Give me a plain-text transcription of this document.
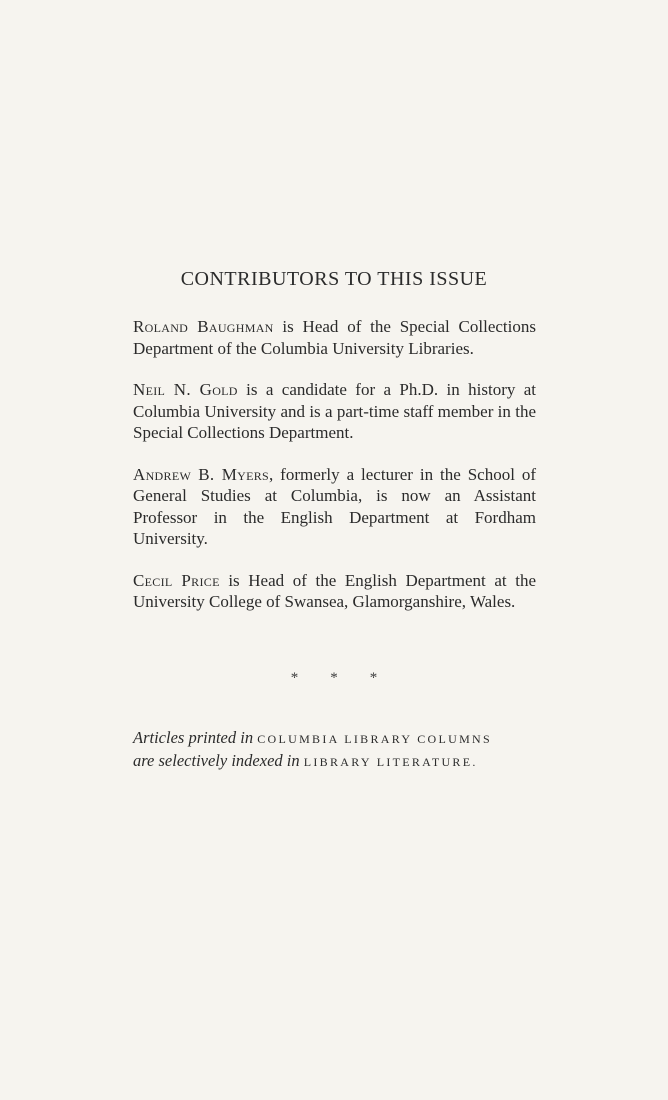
CONTRIBUTORS TO THIS ISSUE

Roland Baughman is Head of the Special Collections Department of the Columbia University Libraries.

Neil N. Gold is a candidate for a Ph.D. in history at Columbia University and is a part-time staff member in the Special Collections Department.

Andrew B. Myers, formerly a lecturer in the School of General Studies at Columbia, is now an Assistant Professor in the English Department at Fordham University.

Cecil Price is Head of the English Department at the University College of Swansea, Glamorganshire, Wales.

* * *
Articles printed in COLUMBIA LIBRARY COLUMNS
are selectively indexed in LIBRARY LITERATURE.
